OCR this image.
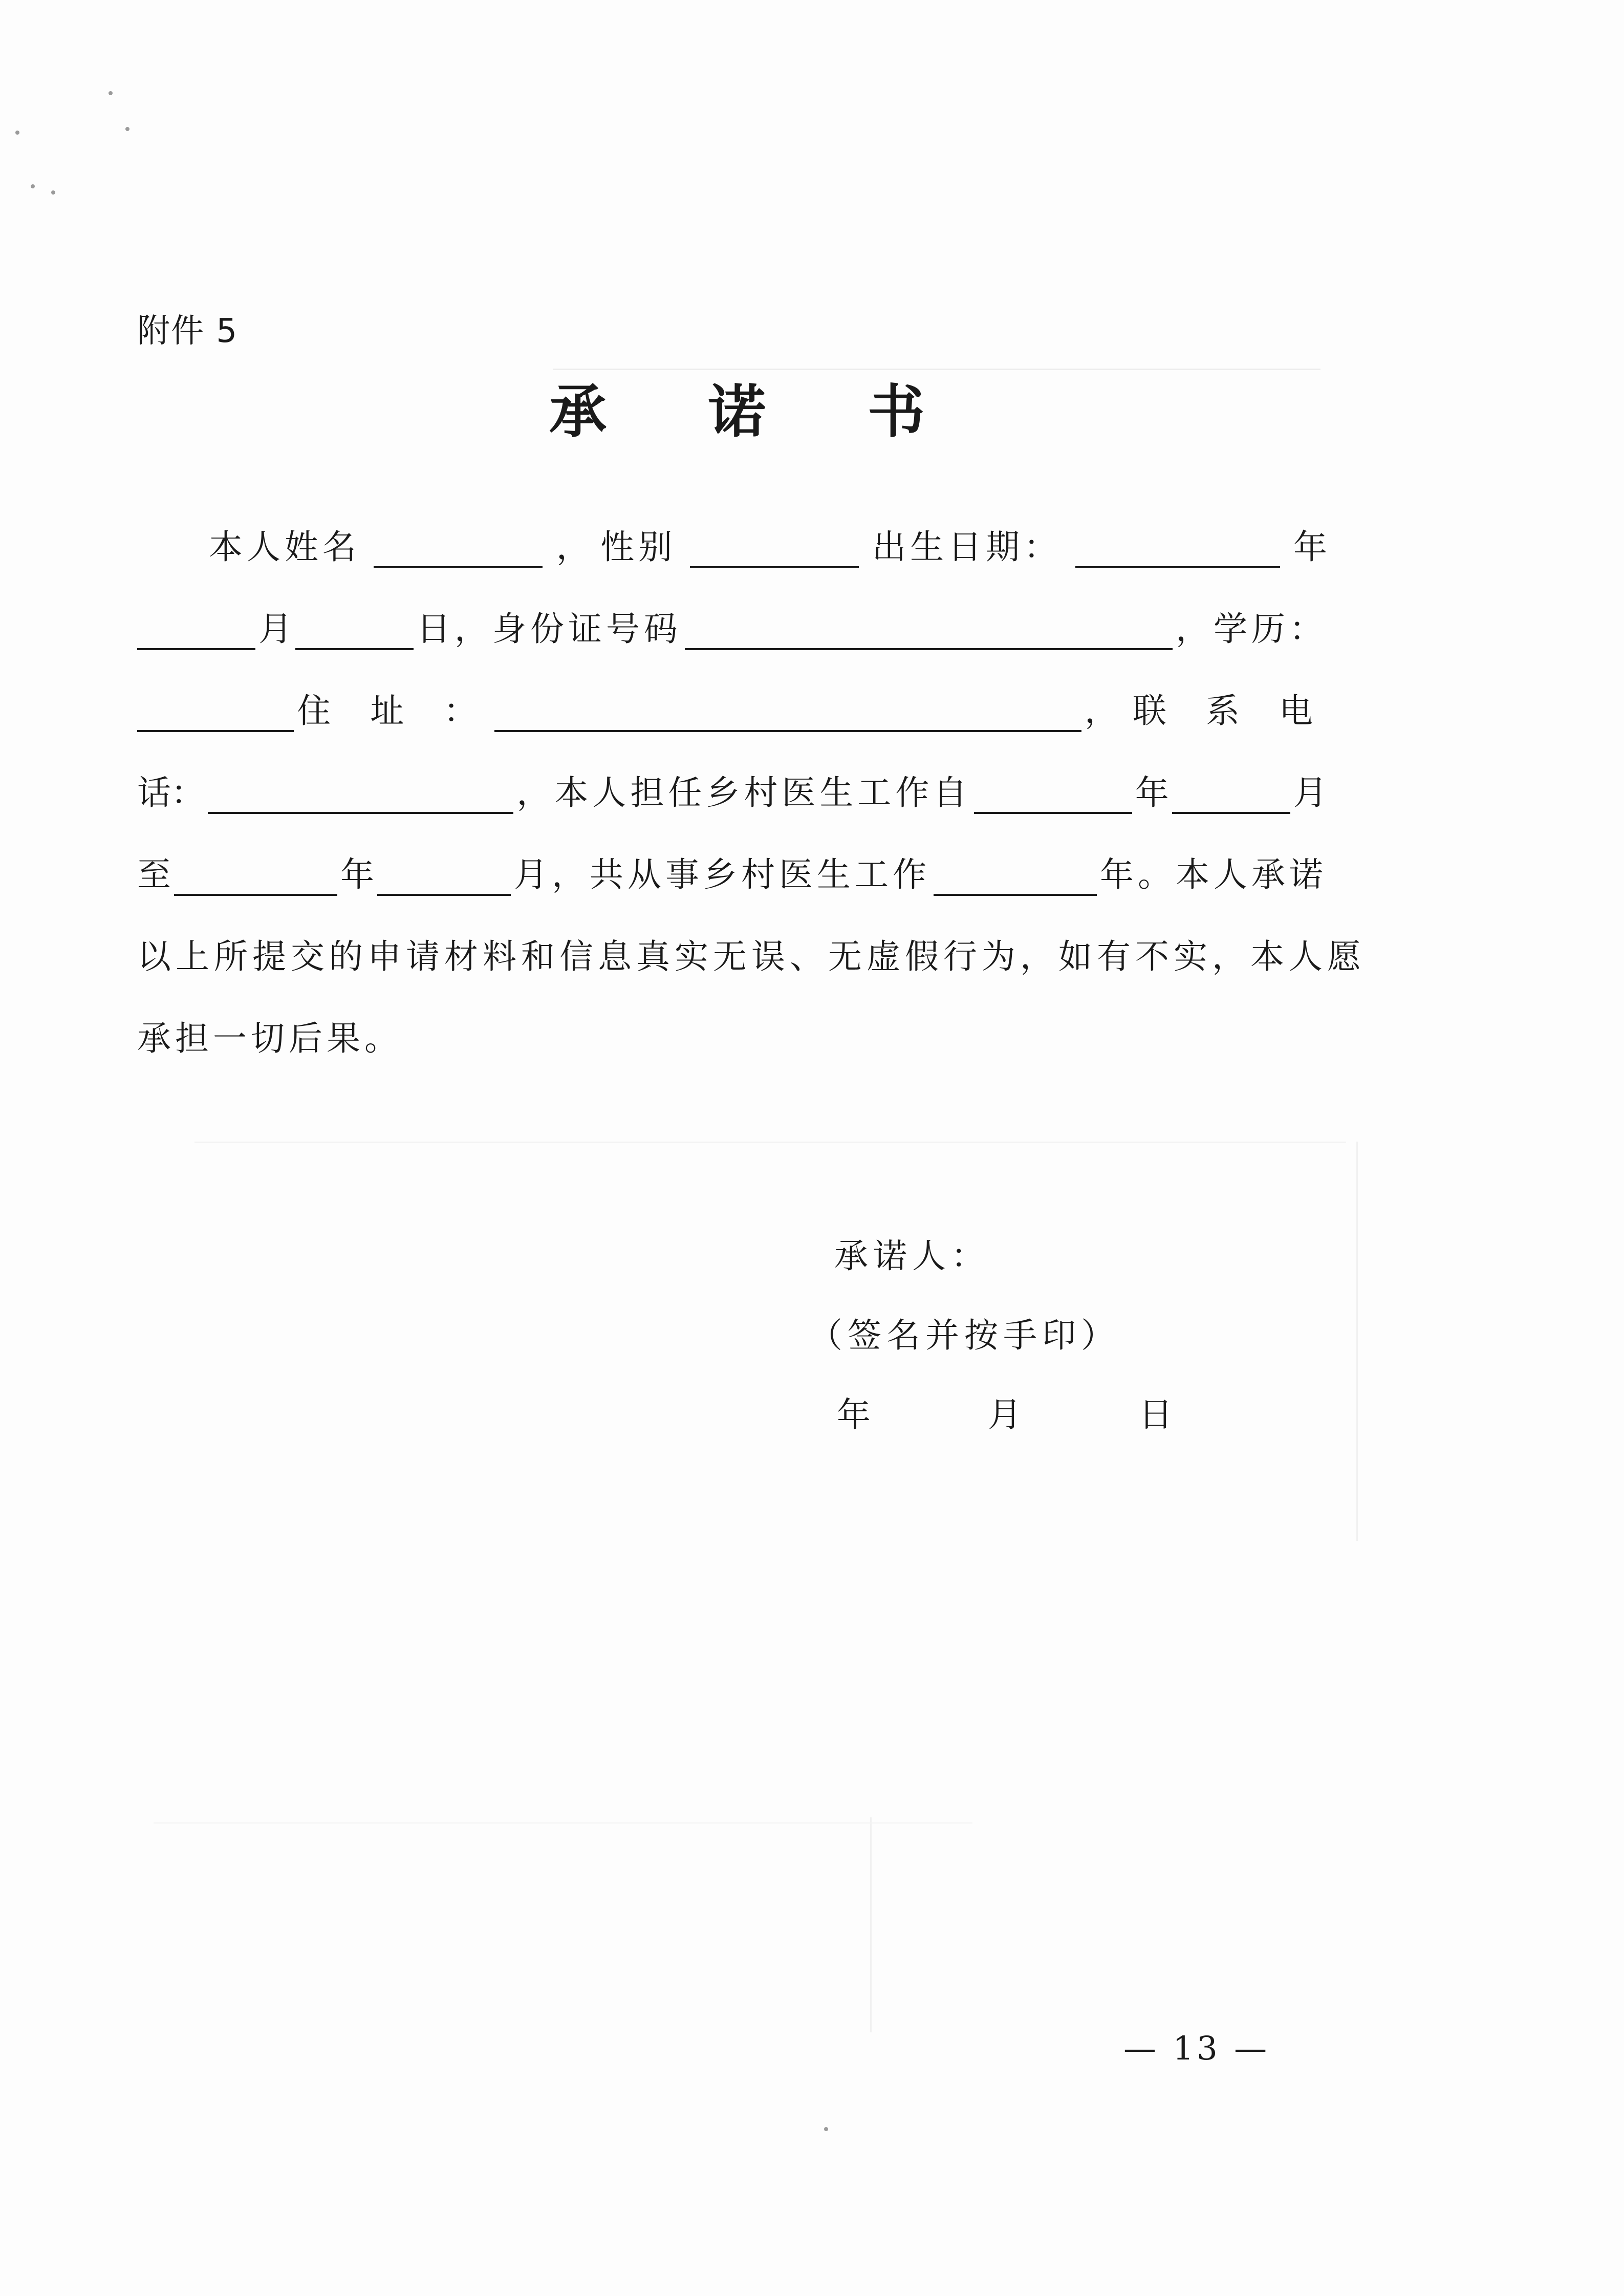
附件 5
承 诺 书
本人姓名	， 性别	出生日期：	年
月	日，身份证号码	，学历：
住 址 ：	，联 系 电
话：	，本人担任乡村医生工作自	年	月
至	年	月，共从事乡村医生工作	年。本人承诺
以上所提交的申请材料和信息真实无误、无虚假行为，如有不实，本人愿
承担一切后果。
承诺人：
（签名并按手印）
年	月	日
— 13 —
